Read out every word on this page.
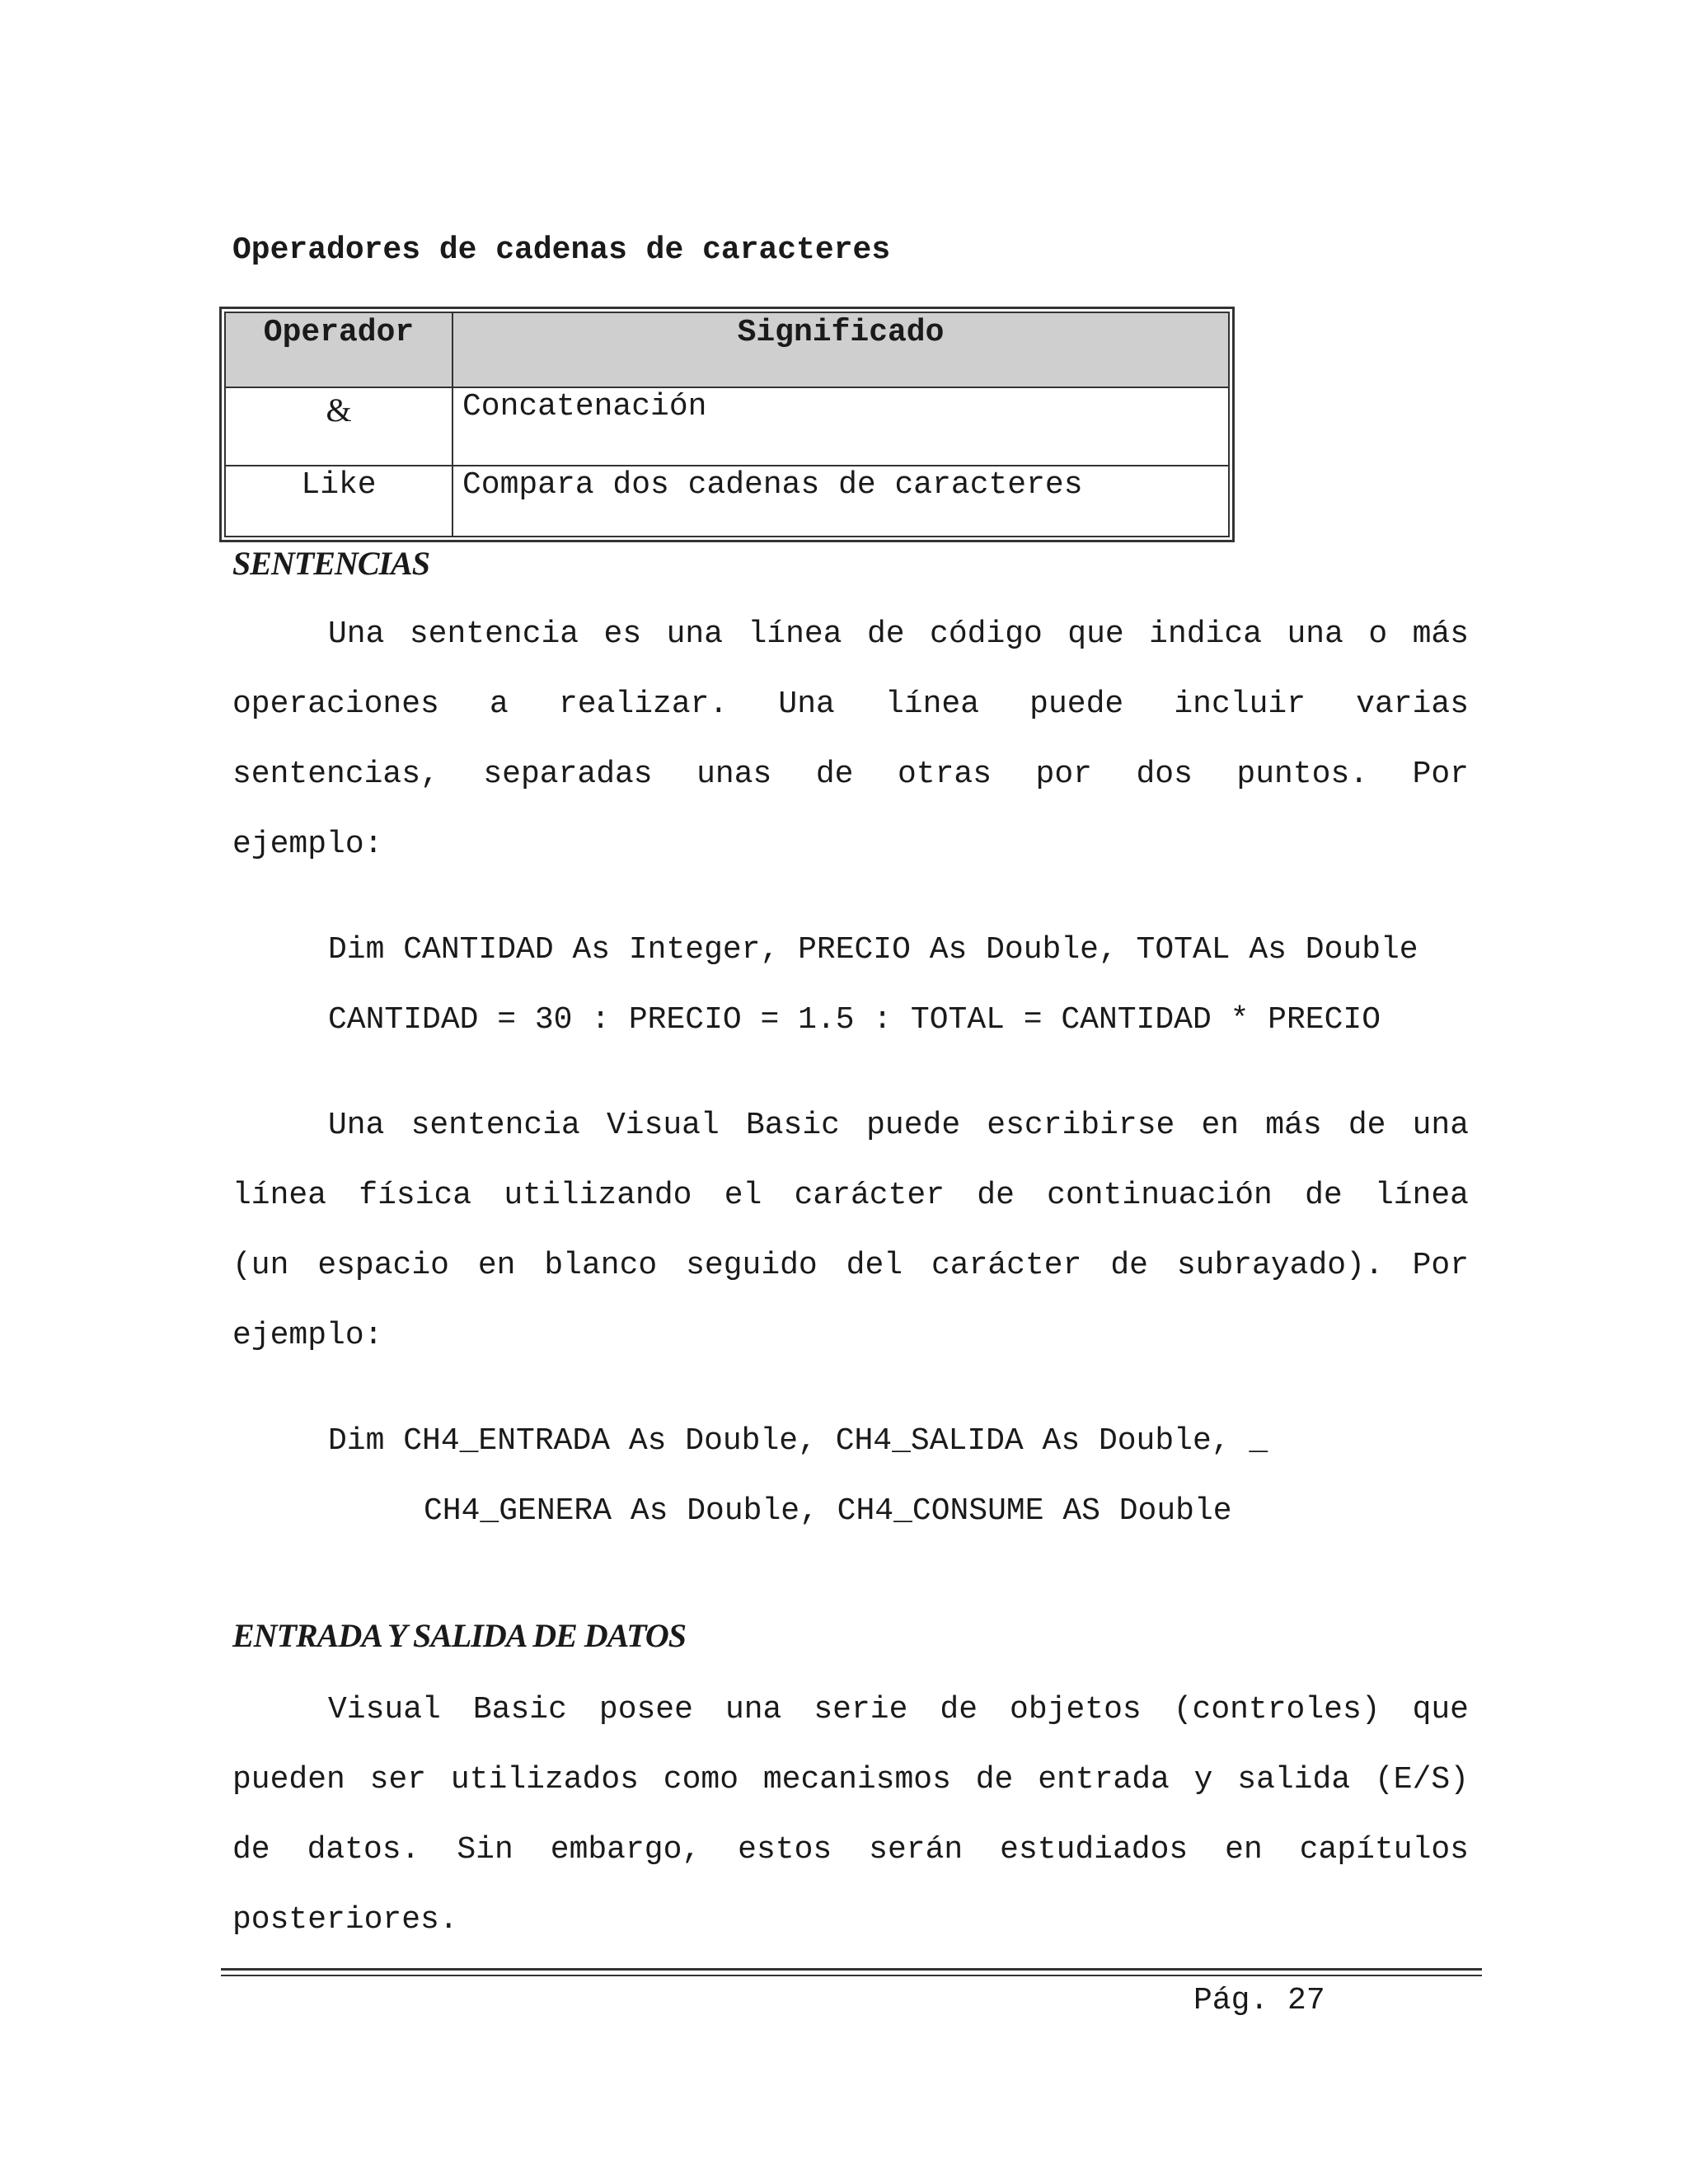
Operadores de cadenas de caracteres
Operador	Significado
&	Concatenación
Like	Compara dos cadenas de caracteres
SENTENCIAS
Una sentencia es una línea de código que indica una o más
operaciones a realizar. Una línea puede incluir varias
sentencias, separadas unas de otras por dos puntos. Por
ejemplo:
Dim CANTIDAD As Integer, PRECIO As Double, TOTAL As Double
CANTIDAD = 30 : PRECIO = 1.5 : TOTAL = CANTIDAD * PRECIO
Una sentencia Visual Basic puede escribirse en más de una
línea física utilizando el carácter de continuación de línea
(un espacio en blanco seguido del carácter de subrayado). Por
ejemplo:
Dim CH4_ENTRADA As Double, CH4_SALIDA As Double, _
CH4_GENERA As Double, CH4_CONSUME AS Double
ENTRADA Y SALIDA DE DATOS
Visual Basic posee una serie de objetos (controles) que
pueden ser utilizados como mecanismos de entrada y salida (E/S)
de datos. Sin embargo, estos serán estudiados en capítulos
posteriores.
Pág. 27
